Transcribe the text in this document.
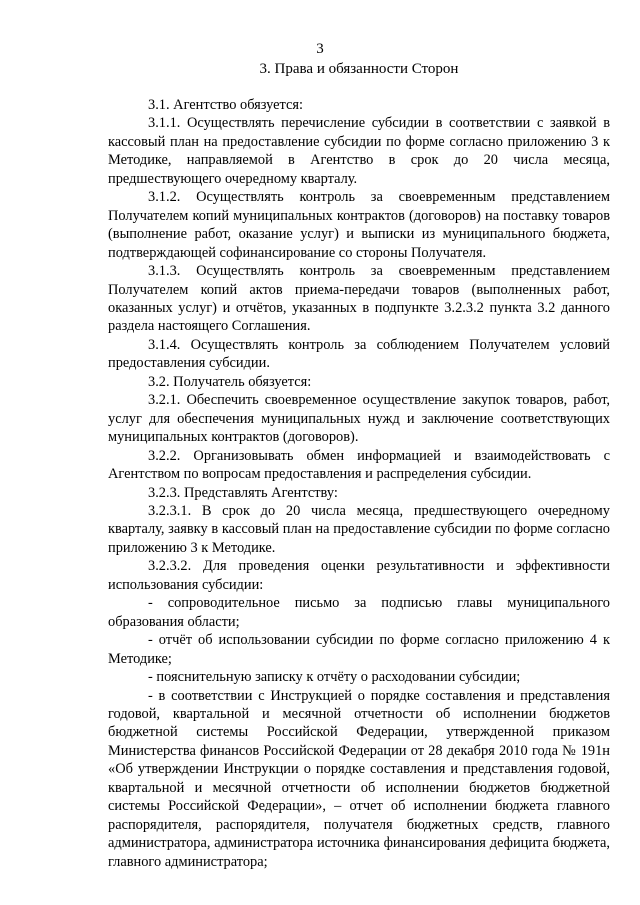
3
3. Права и обязанности Сторон

3.1. Агентство обязуется:

3.1.1. Осуществлять перечисление субсидии в соответствии с заявкой в кассовый план на предоставление субсидии по форме согласно приложению 3 к Методике, направляемой в Агентство в срок до 20 числа месяца, предшествующего очередному кварталу.

3.1.2. Осуществлять контроль за своевременным представлением Получателем копий муниципальных контрактов (договоров) на поставку товаров (выполнение работ, оказание услуг) и выписки из муниципального бюджета, подтверждающей софинансирование со стороны Получателя.

3.1.3. Осуществлять контроль за своевременным представлением Получателем копий актов приема-передачи товаров (выполненных работ, оказанных услуг) и отчётов, указанных в подпункте 3.2.3.2 пункта 3.2 данного раздела настоящего Соглашения.

3.1.4. Осуществлять контроль за соблюдением Получателем условий предоставления субсидии.

3.2. Получатель обязуется:

3.2.1. Обеспечить своевременное осуществление закупок товаров, работ, услуг для обеспечения муниципальных нужд и заключение соответствующих муниципальных контрактов (договоров).

3.2.2. Организовывать обмен информацией и взаимодействовать с Агентством по вопросам предоставления и распределения субсидии.

3.2.3. Представлять Агентству:

3.2.3.1. В срок до 20 числа месяца, предшествующего очередному кварталу, заявку в кассовый план на предоставление субсидии по форме согласно приложению 3 к Методике.

3.2.3.2. Для проведения оценки результативности и эффективности использования субсидии:

- сопроводительное письмо за подписью главы муниципального образования области;

- отчёт об использовании субсидии по форме согласно приложению 4 к Методике;

- пояснительную записку к отчёту о расходовании субсидии;

- в соответствии с Инструкцией о порядке составления и представления годовой, квартальной и месячной отчетности об исполнении бюджетов бюджетной системы Российской Федерации, утвержденной приказом Министерства финансов Российской Федерации от 28 декабря 2010 года № 191н «Об утверждении Инструкции о порядке составления и представления годовой, квартальной и месячной отчетности об исполнении бюджетов бюджетной системы Российской Федерации», – отчет об исполнении бюджета главного распорядителя, распорядителя, получателя бюджетных средств, главного администратора, администратора источника финансирования дефицита бюджета, главного администратора;
